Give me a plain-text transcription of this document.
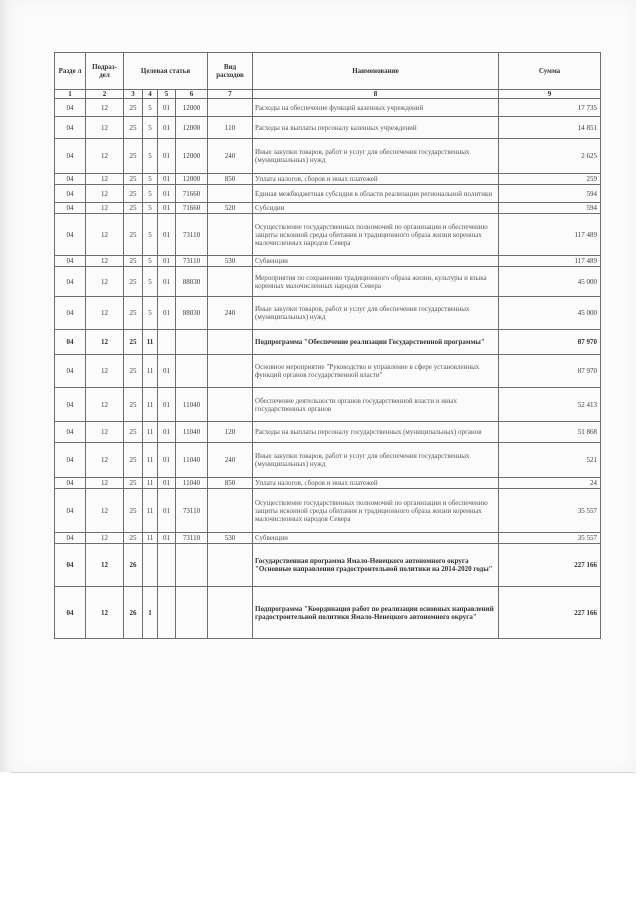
Разде л	Подраз-дел	Целевая статья				Вид расходов	Наименование	Сумма
1	2	3	4	5	6	7	8	9
04	12	25	5	01	12000		Расходы на обеспечение функций казенных учреждений	17 735
04	12	25	5	01	12000	110	Расходы на выплаты персоналу казенных учреждений	14 851
04	12	25	5	01	12000	240	Иные закупки товаров, работ и услуг для обеспечения государственных (муниципальных) нужд	2 625
04	12	25	5	01	12000	850	Уплата налогов, сборов и иных платежей	259
04	12	25	5	01	71660		Единая межбюджетная субсидия в области реализации региональной политики	594
04	12	25	5	01	71660	520	Субсидии	594
04	12	25	5	01	73110		Осуществление государственных полномочий по организации и обеспечению защиты исконной среды обитания и традиционного образа жизни коренных малочисленных народов Севера	117 489
04	12	25	5	01	73110	530	Субвенции	117 489
04	12	25	5	01	88030		Мероприятия по сохранению традиционного образа жизни, культуры и языка коренных малочисленных народов Севера	45 000
04	12	25	5	01	88030	240	Иные закупки товаров, работ и услуг для обеспечения государственных (муниципальных) нужд	45 000
04	12	25	11				Подпрограмма "Обеспечение реализации Государственной программы"	87 970
04	12	25	11	01			Основное мероприятие "Руководство и управление в сфере установленных функций органов государственной власти"	87 970
04	12	25	11	01	11040		Обеспечение деятельности органов государственной власти и иных государственных органов	52 413
04	12	25	11	01	11040	120	Расходы на выплаты персоналу государственных (муниципальных) органов	51 868
04	12	25	11	01	11040	240	Иные закупки товаров, работ и услуг для обеспечения государственных (муниципальных) нужд	521
04	12	25	11	01	11040	850	Уплата налогов, сборов и иных платежей	24
04	12	25	11	01	73110		Осуществление государственных полномочий по организации и обеспечению защиты исконной среды обитания и традиционного образа жизни коренных малочисленных народов Севера	35 557
04	12	25	11	01	73110	530	Субвенции	35 557
04	12	26					Государственная программа Ямало-Ненецкого автономного округа "Основные направления градостроительной политики на 2014-2020 годы"	227 166
04	12	26	1				Подпрограмма "Координация работ по реализации основных направлений градостроительной политики Ямало-Ненецкого автономного округа"	227 166
